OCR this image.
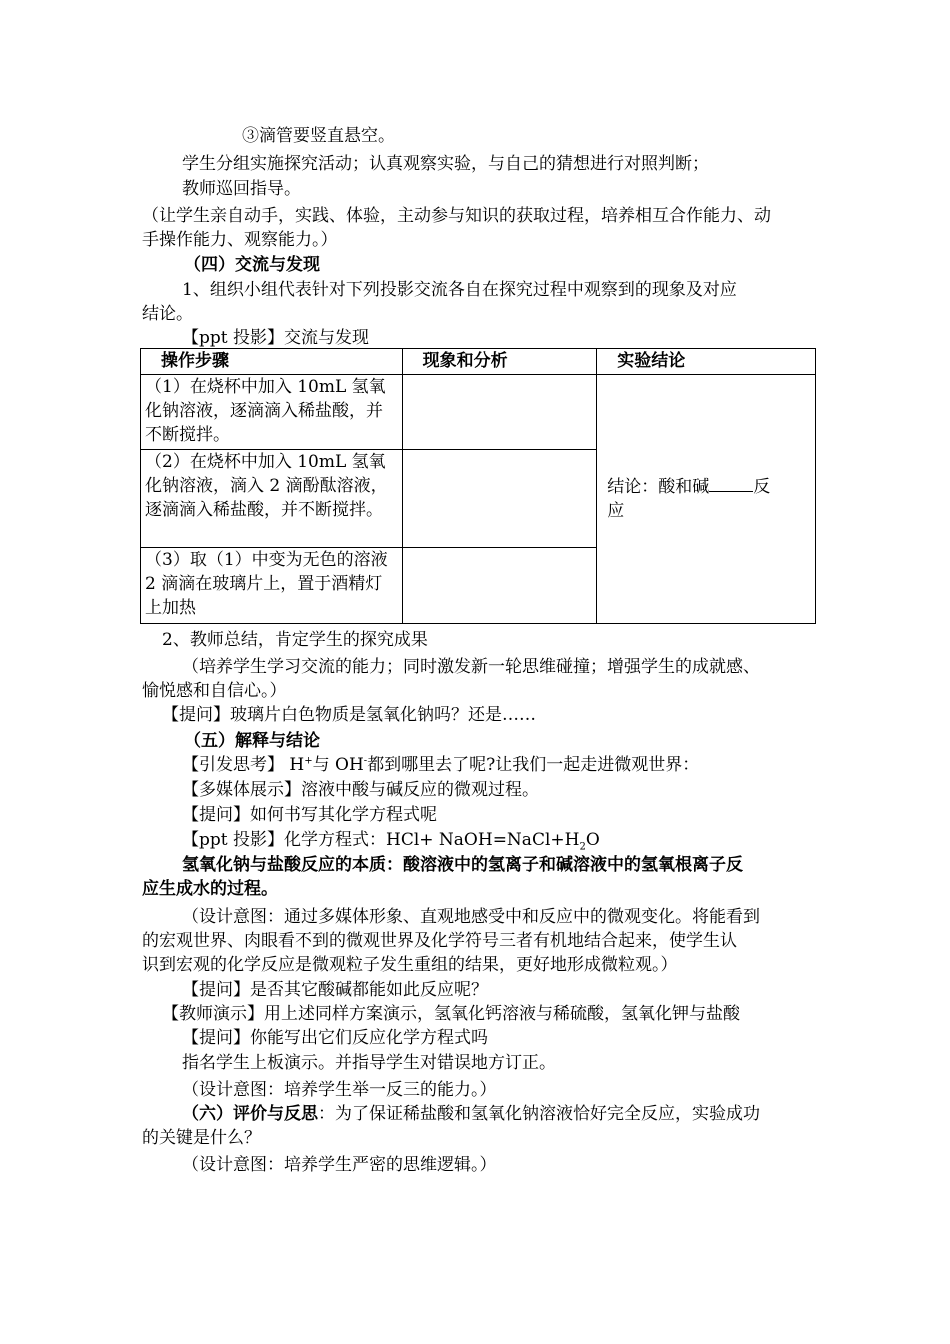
③滴管要竖直悬空。
学生分组实施探究活动；认真观察实验，与自己的猜想进行对照判断；
教师巡回指导。
（让学生亲自动手，实践、体验，主动参与知识的获取过程，培养相互合作能力、动
手操作能力、观察能力。）
（四）交流与发现
1、组织小组代表针对下列投影交流各自在探究过程中观察到的现象及对应
结论。
【ppt 投影】交流与发现
操作步骤	现象和分析	实验结论
（1）在烧杯中加入 10mL 氢氧化钠溶液，逐滴滴入稀盐酸，并不断搅拌。		结论：酸和碱 反
应
（2）在烧杯中加入 10mL 氢氧化钠溶液，滴入 2 滴酚酞溶液，逐滴滴入稀盐酸，并不断搅拌。		
（3）取（1）中变为无色的溶液 2 滴滴在玻璃片上，置于酒精灯上加热		
2、教师总结，肯定学生的探究成果
（培养学生学习交流的能力；同时激发新一轮思维碰撞；增强学生的成就感、
愉悦感和自信心。）
【提问】玻璃片白色物质是氢氧化钠吗？还是……
（五）解释与结论
【引发思考】 H+与 OH-都到哪里去了呢?让我们一起走进微观世界：
【多媒体展示】溶液中酸与碱反应的微观过程。
【提问】如何书写其化学方程式呢
【ppt 投影】化学方程式：$HCl+ NaOH=NaCl+H_2O$
氢氧化钠与盐酸反应的本质：酸溶液中的氢离子和碱溶液中的氢氧根离子反
应生成水的过程。
（设计意图：通过多媒体形象、直观地感受中和反应中的微观变化。将能看到
的宏观世界、肉眼看不到的微观世界及化学符号三者有机地结合起来，使学生认
识到宏观的化学反应是微观粒子发生重组的结果，更好地形成微粒观。）
【提问】是否其它酸碱都能如此反应呢？
【教师演示】用上述同样方案演示，氢氧化钙溶液与稀硫酸，氢氧化钾与盐酸
【提问】你能写出它们反应化学方程式吗
指名学生上板演示。并指导学生对错误地方订正。
（设计意图：培养学生举一反三的能力。）
（六）评价与反思：为了保证稀盐酸和氢氧化钠溶液恰好完全反应，实验成功
的关键是什么？
（设计意图：培养学生严密的思维逻辑。）
